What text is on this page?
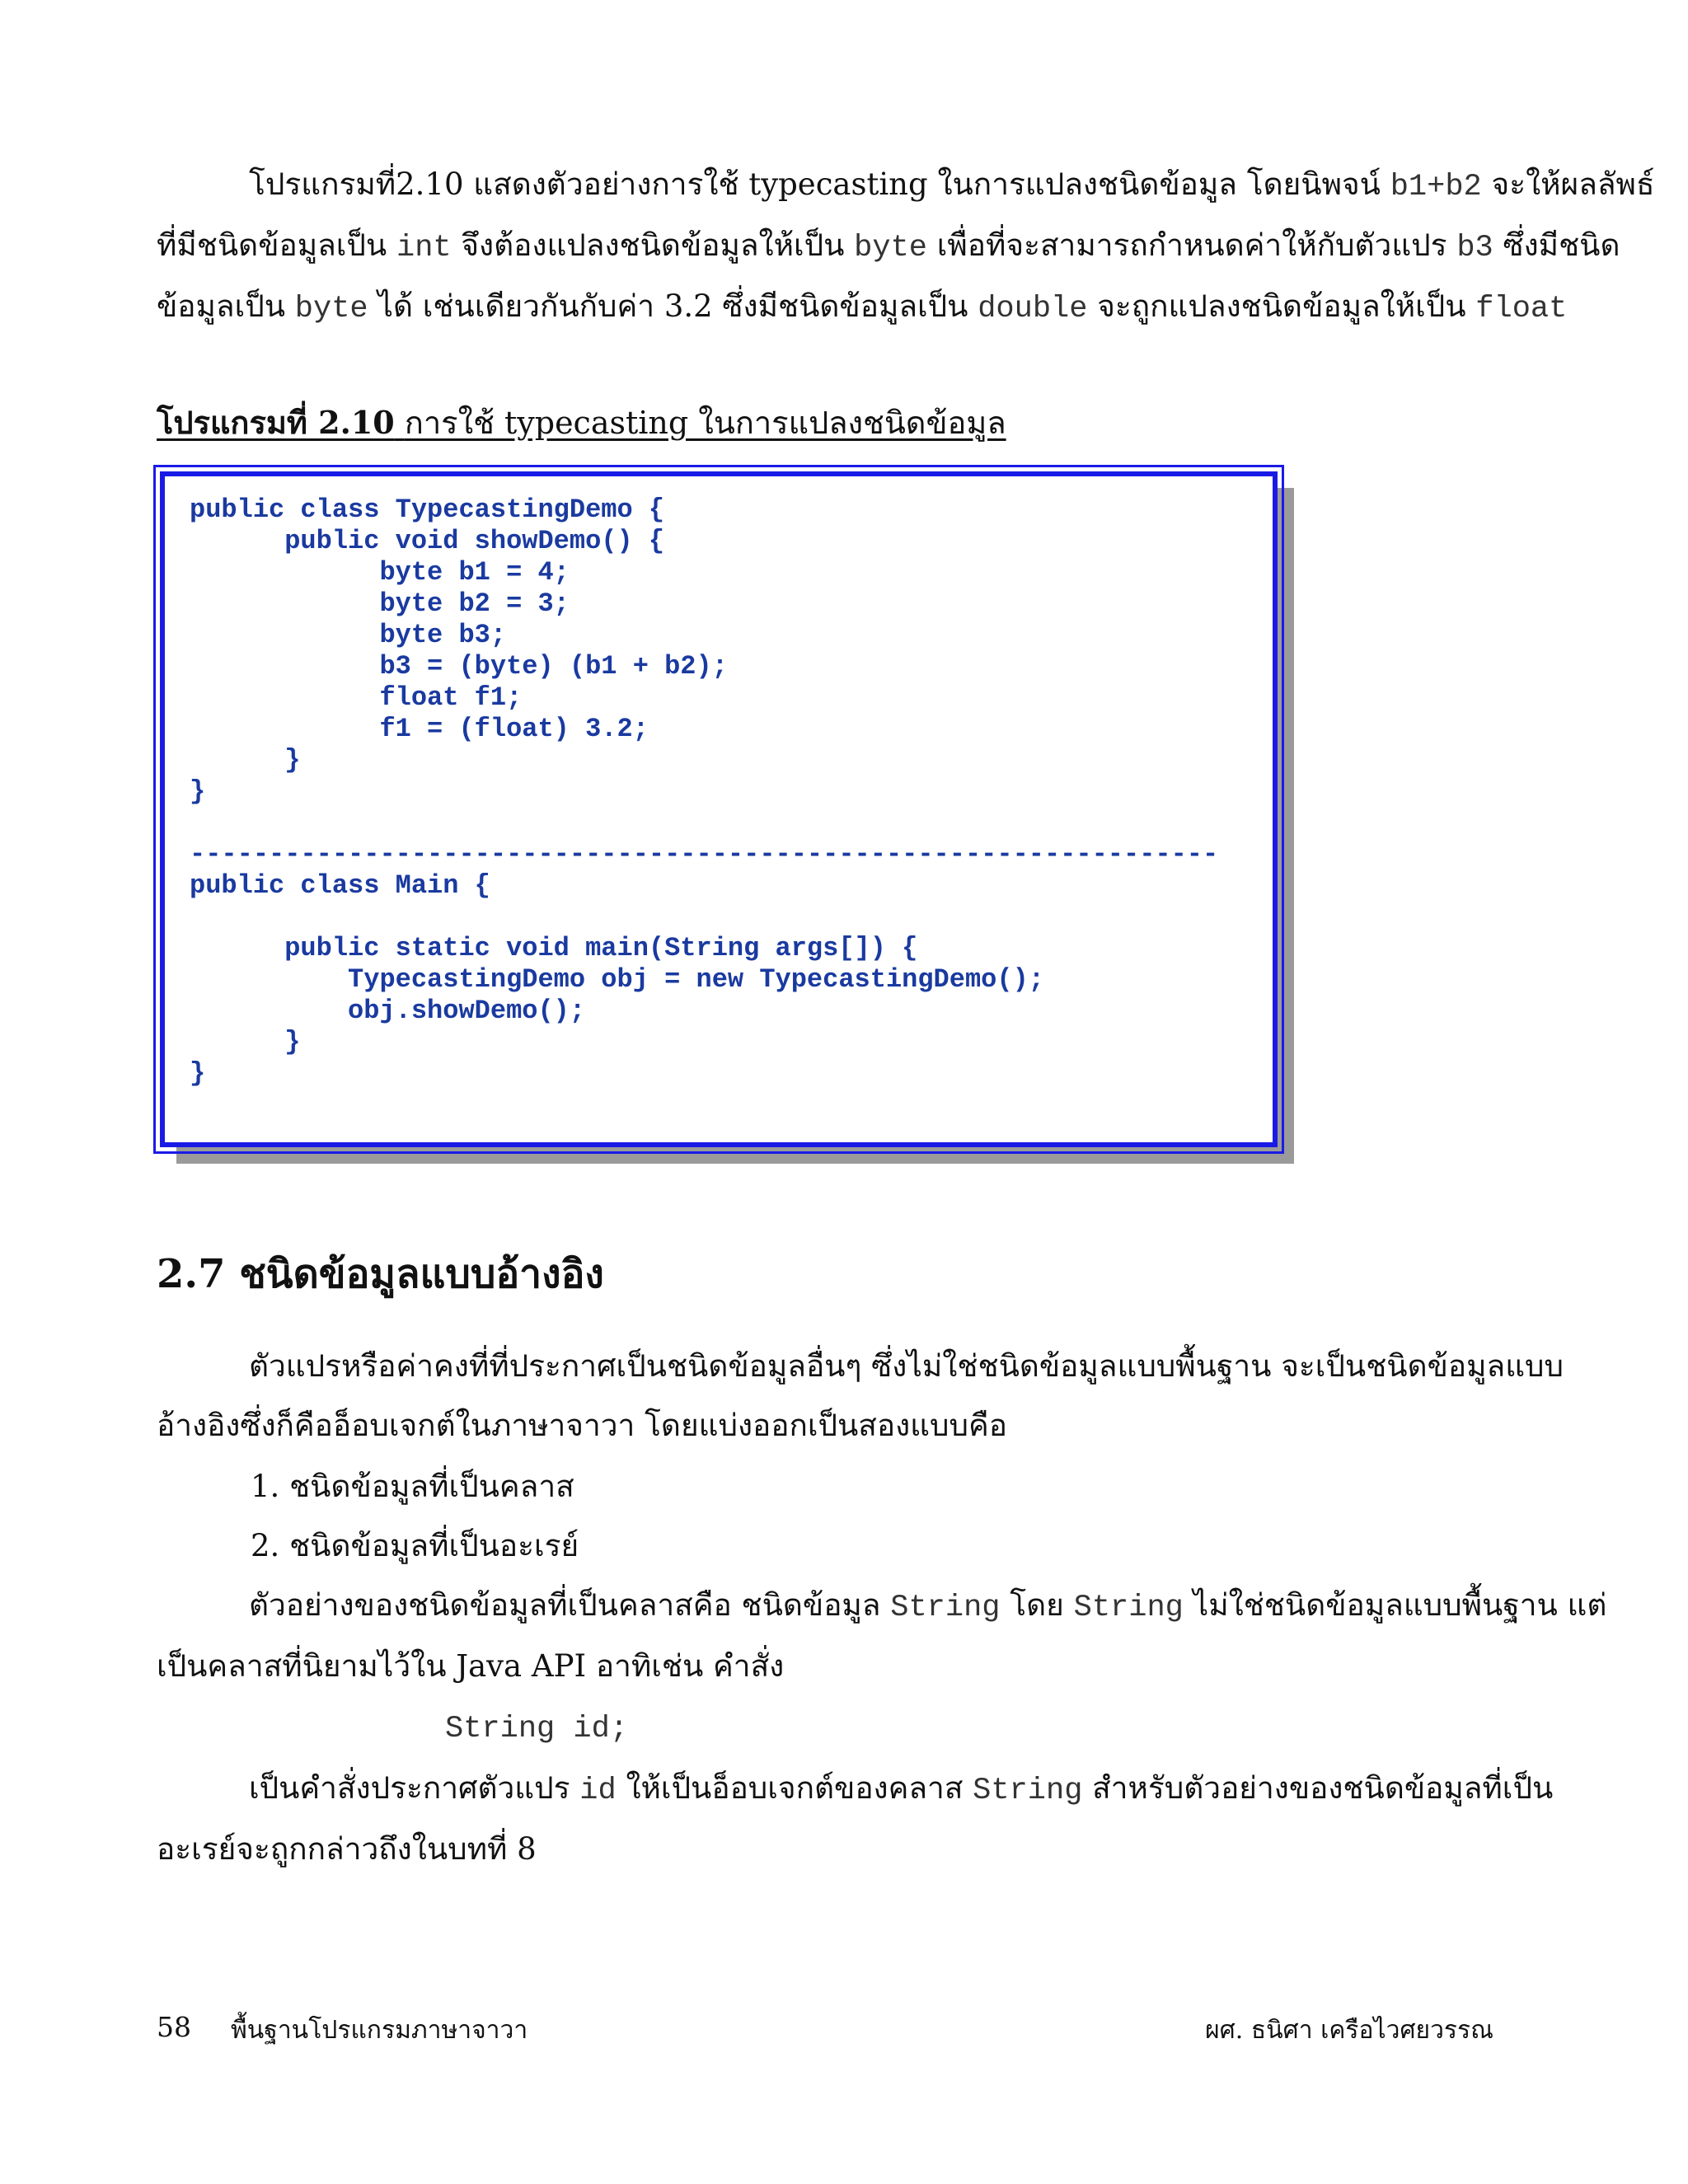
โปรแกรมที่2.10 แสดงตัวอย่างการใช้ typecasting ในการแปลงชนิดข้อมูล โดยนิพจน์ b1+b2 จะให้ผลลัพธ์

ที่มีชนิดข้อมูลเป็น int จึงต้องแปลงชนิดข้อมูลให้เป็น byte เพื่อที่จะสามารถกำหนดค่าให้กับตัวแปร b3 ซึ่งมีชนิด

ข้อมูลเป็น byte ได้ เช่นเดียวกันกับค่า 3.2 ซึ่งมีชนิดข้อมูลเป็น double จะถูกแปลงชนิดข้อมูลให้เป็น float

โปรแกรมที่ 2.10 การใช้ typecasting ในการแปลงชนิดข้อมูล
public class TypecastingDemo {
public void showDemo() {
byte b1 = 4;
byte b2 = 3;
byte b3;
b3 = (byte) (b1 + b2);
float f1;
f1 = (float) 3.2;
}
}

-----------------------------------------------------------------
public class Main {

public static void main(String args[]) {
TypecastingDemo obj = new TypecastingDemo();
obj.showDemo();
}
}
2.7 ชนิดข้อมูลแบบอ้างอิง

ตัวแปรหรือค่าคงที่ที่ประกาศเป็นชนิดข้อมูลอื่นๆ ซึ่งไม่ใช่ชนิดข้อมูลแบบพื้นฐาน จะเป็นชนิดข้อมูลแบบ

อ้างอิงซึ่งก็คืออ็อบเจกต์ในภาษาจาวา โดยแบ่งออกเป็นสองแบบคือ

1. ชนิดข้อมูลที่เป็นคลาส

2. ชนิดข้อมูลที่เป็นอะเรย์

ตัวอย่างของชนิดข้อมูลที่เป็นคลาสคือ ชนิดข้อมูล String โดย String ไม่ใช่ชนิดข้อมูลแบบพื้นฐาน แต่

เป็นคลาสที่นิยามไว้ใน Java API อาทิเช่น คำสั่ง

String id;

เป็นคำสั่งประกาศตัวแปร id ให้เป็นอ็อบเจกต์ของคลาส String สำหรับตัวอย่างของชนิดข้อมูลที่เป็น

อะเรย์จะถูกกล่าวถึงในบทที่ 8

58 พื้นฐานโปรแกรมภาษาจาวา	ผศ. ธนิศา เครือไวศยวรรณ
